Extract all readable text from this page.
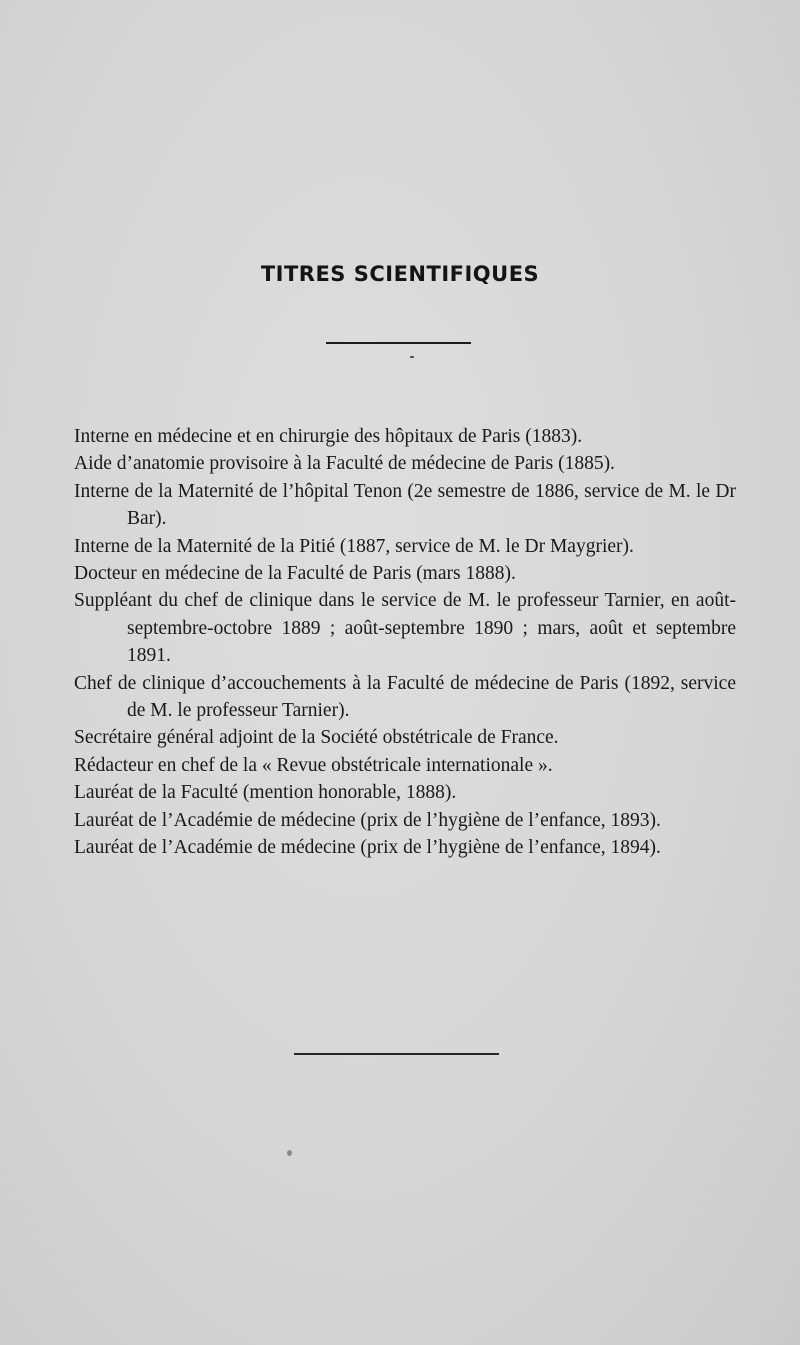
TITRES SCIENTIFIQUES
Interne en médecine et en chirurgie des hôpitaux de Paris (1883).
Aide d’anatomie provisoire à la Faculté de médecine de Paris (1885).
Interne de la Maternité de l’hôpital Tenon (2e semestre de 1886, service de M. le Dr Bar).
Interne de la Maternité de la Pitié (1887, service de M. le Dr Maygrier).
Docteur en médecine de la Faculté de Paris (mars 1888).
Suppléant du chef de clinique dans le service de M. le professeur Tarnier, en août-septembre-octobre 1889 ; août-septembre 1890 ; mars, août et septembre 1891.
Chef de clinique d’accouchements à la Faculté de médecine de Paris (1892, service de M. le professeur Tarnier).
Secrétaire général adjoint de la Société obstétricale de France.
Rédacteur en chef de la « Revue obstétricale internationale ».
Lauréat de la Faculté (mention honorable, 1888).
Lauréat de l’Académie de médecine (prix de l’hygiène de l’enfance, 1893).
Lauréat de l’Académie de médecine (prix de l’hygiène de l’enfance, 1894).
